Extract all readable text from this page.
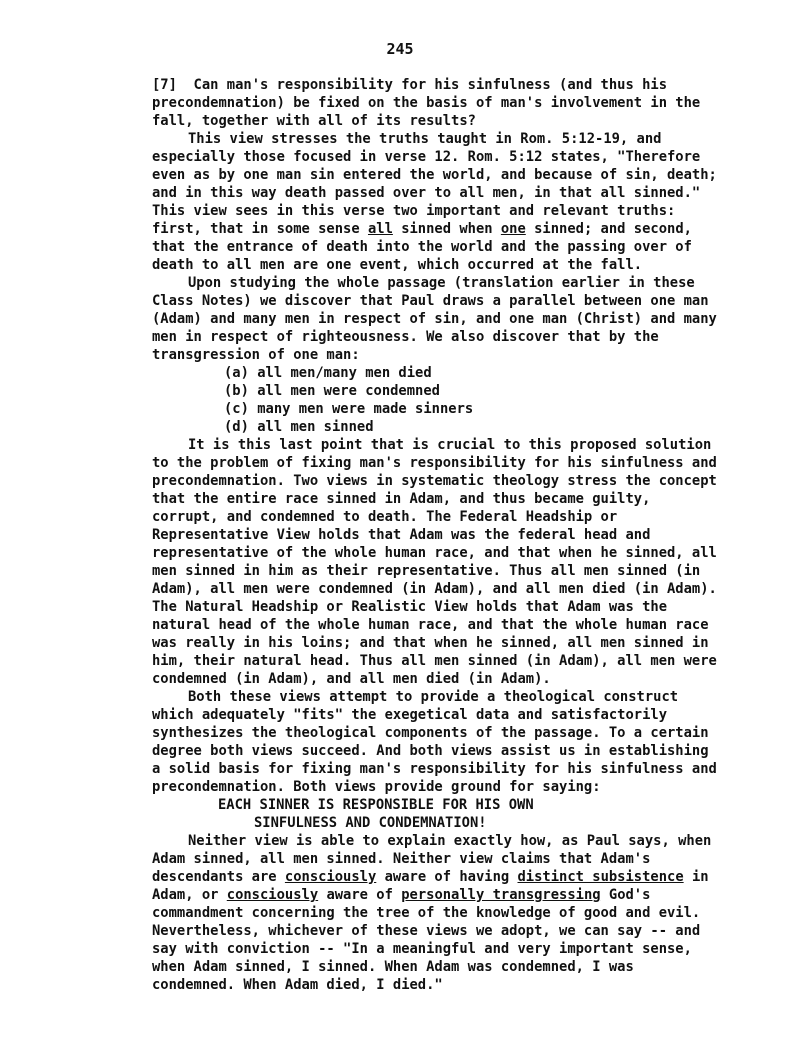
245

[7] Can man's responsibility for his sinfulness (and thus his precondemnation) be fixed on the basis of man's involvement in the fall, together with all of its results?

This view stresses the truths taught in Rom. 5:12-19, and especially those focused in verse 12. Rom. 5:12 states, "Therefore even as by one man sin entered the world, and because of sin, death; and in this way death passed over to all men, in that all sinned." This view sees in this verse two important and relevant truths: first, that in some sense all sinned when one sinned; and second, that the entrance of death into the world and the passing over of death to all men are one event, which occurred at the fall.

Upon studying the whole passage (translation earlier in these Class Notes) we discover that Paul draws a parallel between one man (Adam) and many men in respect of sin, and one man (Christ) and many men in respect of righteousness. We also discover that by the transgression of one man:

(a) all men/many men died
(b) all men were condemned
(c) many men were made sinners
(d) all men sinned

It is this last point that is crucial to this proposed solution to the problem of fixing man's responsibility for his sinfulness and precondemnation. Two views in systematic theology stress the concept that the entire race sinned in Adam, and thus became guilty, corrupt, and condemned to death. The Federal Headship or Representative View holds that Adam was the federal head and representative of the whole human race, and that when he sinned, all men sinned in him as their representative. Thus all men sinned (in Adam), all men were condemned (in Adam), and all men died (in Adam). The Natural Headship or Realistic View holds that Adam was the natural head of the whole human race, and that the whole human race was really in his loins; and that when he sinned, all men sinned in him, their natural head. Thus all men sinned (in Adam), all men were condemned (in Adam), and all men died (in Adam).

Both these views attempt to provide a theological construct which adequately "fits" the exegetical data and satisfactorily synthesizes the theological components of the passage. To a certain degree both views succeed. And both views assist us in establishing a solid basis for fixing man's responsibility for his sinfulness and precondemnation. Both views provide ground for saying:

EACH SINNER IS RESPONSIBLE FOR HIS OWN
SINFULNESS AND CONDEMNATION!

Neither view is able to explain exactly how, as Paul says, when Adam sinned, all men sinned. Neither view claims that Adam's descendants are consciously aware of having distinct subsistence in Adam, or consciously aware of personally transgressing God's commandment concerning the tree of the knowledge of good and evil. Nevertheless, whichever of these views we adopt, we can say -- and say with conviction -- "In a meaningful and very important sense, when Adam sinned, I sinned. When Adam was condemned, I was condemned. When Adam died, I died."
